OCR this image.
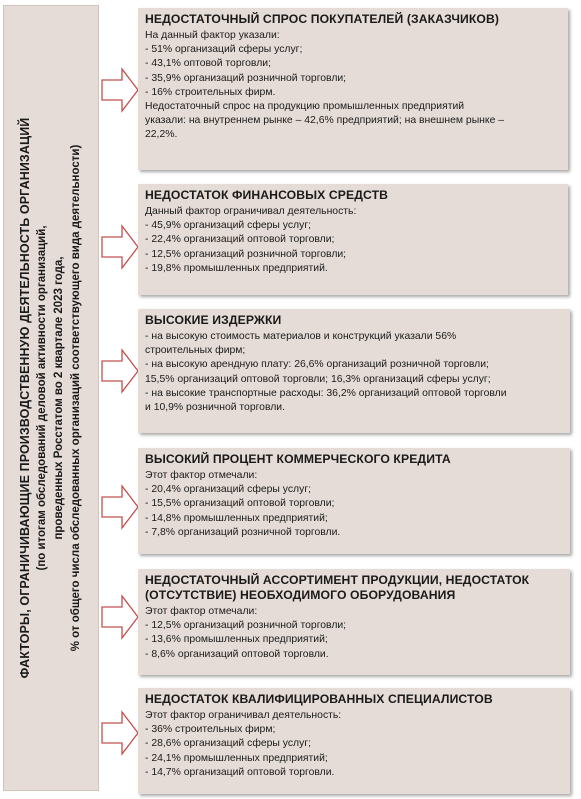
ФАКТОРЫ, ОГРАНИЧИВАЮЩИЕ ПРОИЗВОДСТВЕННУЮ ДЕЯТЕЛЬНОСТЬ ОРГАНИЗАЦИЙ (по итогам обследований деловой активности организаций, проведенных Росстатом во 2 квартале 2023 года, % от общего числа обследованных организаций соответствующего вида деятельности)
НЕДОСТАТОЧНЫЙ СПРОС ПОКУПАТЕЛЕЙ (ЗАКАЗЧИКОВ)
На данный фактор указали:
- 51% организаций сферы услуг;
- 43,1% оптовой торговли;
- 35,9% организаций розничной торговли;
- 16% строительных фирм.
Недостаточный спрос на продукцию промышленных предприятий
указали: на внутреннем рынке – 42,6% предприятий; на внешнем рынке –
22,2%.
НЕДОСТАТОК ФИНАНСОВЫХ СРЕДСТВ
Данный фактор ограничивал деятельность:
- 45,9% организаций сферы услуг;
- 22,4% организаций оптовой торговли;
- 12,5% организаций розничной торговли;
- 19,8% промышленных предприятий.
ВЫСОКИЕ ИЗДЕРЖКИ
- на высокую стоимость материалов и конструкций указали 56%
строительных фирм;
- на высокую арендную плату: 26,6% организаций розничной торговли;
15,5% организаций оптовой торговли; 16,3% организаций сферы услуг;
- на высокие транспортные расходы: 36,2% организаций оптовой торговли
и 10,9% розничной торговли.
ВЫСОКИЙ ПРОЦЕНТ КОММЕРЧЕСКОГО КРЕДИТА
Этот фактор отмечали:
- 20,4% организаций сферы услуг;
- 15,5% организаций оптовой торговли;
- 14,8% промышленных предприятий;
- 7,8% организаций розничной торговли.
НЕДОСТАТОЧНЫЙ АССОРТИМЕНТ ПРОДУКЦИИ, НЕДОСТАТОК (ОТСУТСТВИЕ) НЕОБХОДИМОГО ОБОРУДОВАНИЯ
Этот фактор отмечали:
- 12,5% организаций розничной торговли;
- 13,6% промышленных предприятий;
- 8,6% организаций оптовой торговли.
НЕДОСТАТОК КВАЛИФИЦИРОВАННЫХ СПЕЦИАЛИСТОВ
Этот фактор ограничивал деятельность:
- 36% строительных фирм;
- 28,6% организаций сферы услуг;
- 24,1% промышленных предприятий;
- 14,7% организаций оптовой торговли.
